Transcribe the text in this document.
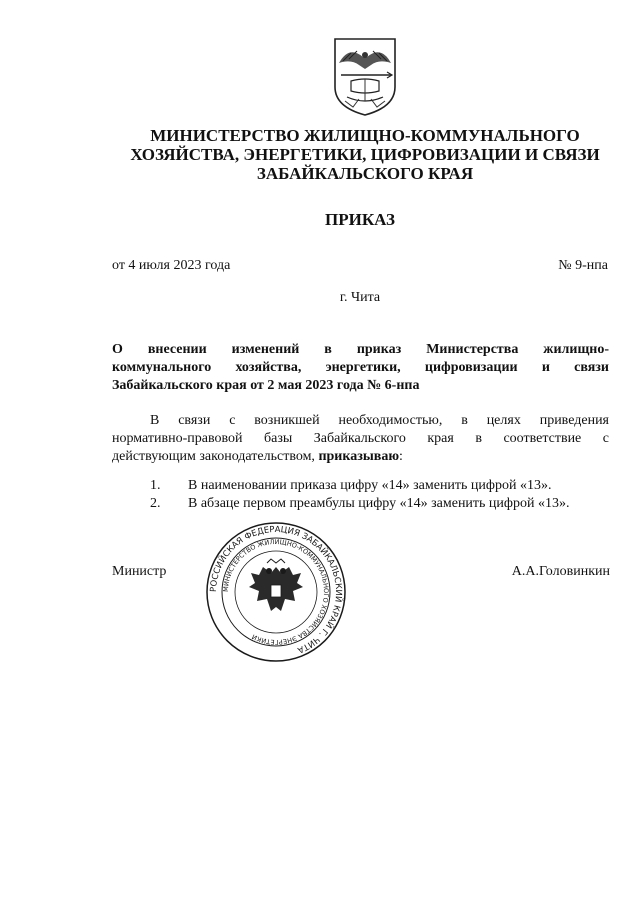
МИНИСТЕРСТВО ЖИЛИЩНО-КОММУНАЛЬНОГО
ХОЗЯЙСТВА, ЭНЕРГЕТИКИ, ЦИФРОВИЗАЦИИ И СВЯЗИ
ЗАБАЙКАЛЬСКОГО КРАЯ
ПРИКАЗ
от 4 июля 2023 года	№ 9-нпа
г. Чита
О внесении изменений в приказ Министерства жилищно-
коммунального хозяйства, энергетики, цифровизации и связи
Забайкальского края от 2 мая 2023 года № 6-нпа
В связи с возникшей необходимостью, в целях приведения
нормативно-правовой базы Забайкальского края в соответствие с
действующим законодательством, приказываю:
1.	В наименовании приказа цифру «14» заменить цифрой «13».
2.	В абзаце первом преамбулы цифру «14» заменить цифрой «13».
РОССИЙСКАЯ ФЕДЕРАЦИЯ ЗАБАЙКАЛЬСКИЙ КРАЙ Г. ЧИТА
МИНИСТЕРСТВО ЖИЛИЩНО-КОММУНАЛЬНОГО ХОЗЯЙСТВА ЭНЕРГЕТИКИ
Министр	А.А.Головинкин
